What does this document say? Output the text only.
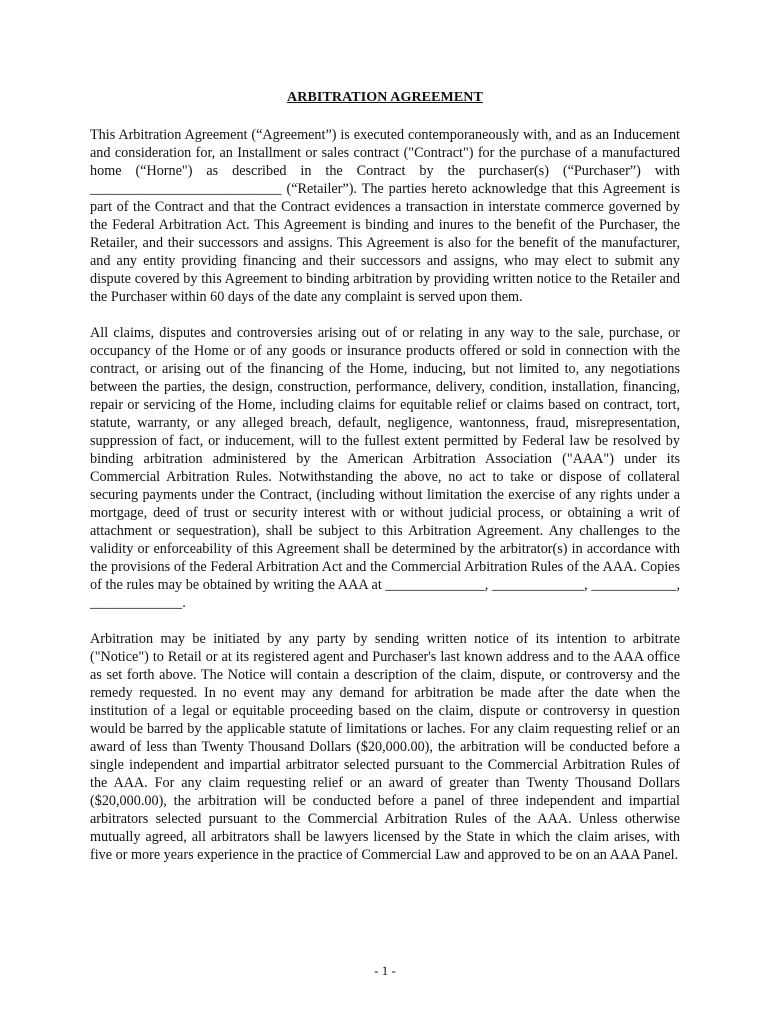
ARBITRATION AGREEMENT

This Arbitration Agreement (“Agreement”) is executed contemporaneously with, and as an Inducement and consideration for, an Installment or sales contract ("Contract") for the purchase of a manufactured home (“Horne") as described in the Contract by the purchaser(s) (“Purchaser”) with ___________________________ (“Retailer”). The parties hereto acknowledge that this Agreement is part of the Contract and that the Contract evidences a transaction in interstate commerce governed by the Federal Arbitration Act. This Agreement is binding and inures to the benefit of the Purchaser, the Retailer, and their successors and assigns. This Agreement is also for the benefit of the manufacturer, and any entity providing financing and their successors and assigns, who may elect to submit any dispute covered by this Agreement to binding arbitration by providing written notice to the Retailer and the Purchaser within 60 days of the date any complaint is served upon them.

All claims, disputes and controversies arising out of or relating in any way to the sale, purchase, or occupancy of the Home or of any goods or insurance products offered or sold in connection with the contract, or arising out of the financing of the Home, inducing, but not limited to, any negotiations between the parties, the design, construction, performance, delivery, condition, installation, financing, repair or servicing of the Home, including claims for equitable relief or claims based on contract, tort, statute, warranty, or any alleged breach, default, negligence, wantonness, fraud, misrepresentation, suppression of fact, or inducement, will to the fullest extent permitted by Federal law be resolved by binding arbitration administered by the American Arbitration Association ("AAA") under its Commercial Arbitration Rules. Notwithstanding the above, no act to take or dispose of collateral securing payments under the Contract, (including without limitation the exercise of any rights under a mortgage, deed of trust or security interest with or without judicial process, or obtaining a writ of attachment or sequestration), shall be subject to this Arbitration Agreement. Any challenges to the validity or enforceability of this Agreement shall be determined by the arbitrator(s) in accordance with the provisions of the Federal Arbitration Act and the Commercial Arbitration Rules of the AAA. Copies of the rules may be obtained by writing the AAA at ______________, _____________, ____________, _____________.

Arbitration may be initiated by any party by sending written notice of its intention to arbitrate ("Notice") to Retail or at its registered agent and Purchaser's last known address and to the AAA office as set forth above. The Notice will contain a description of the claim, dispute, or controversy and the remedy requested. In no event may any demand for arbitration be made after the date when the institution of a legal or equitable proceeding based on the claim, dispute or controversy in question would be barred by the applicable statute of limitations or laches. For any claim requesting relief or an award of less than Twenty Thousand Dollars ($20,000.00), the arbitration will be conducted before a single independent and impartial arbitrator selected pursuant to the Commercial Arbitration Rules of the AAA. For any claim requesting relief or an award of greater than Twenty Thousand Dollars ($20,000.00), the arbitration will be conducted before a panel of three independent and impartial arbitrators selected pursuant to the Commercial Arbitration Rules of the AAA. Unless otherwise mutually agreed, all arbitrators shall be lawyers licensed by the State in which the claim arises, with five or more years experience in the practice of Commercial Law and approved to be on an AAA Panel.

- 1 -
